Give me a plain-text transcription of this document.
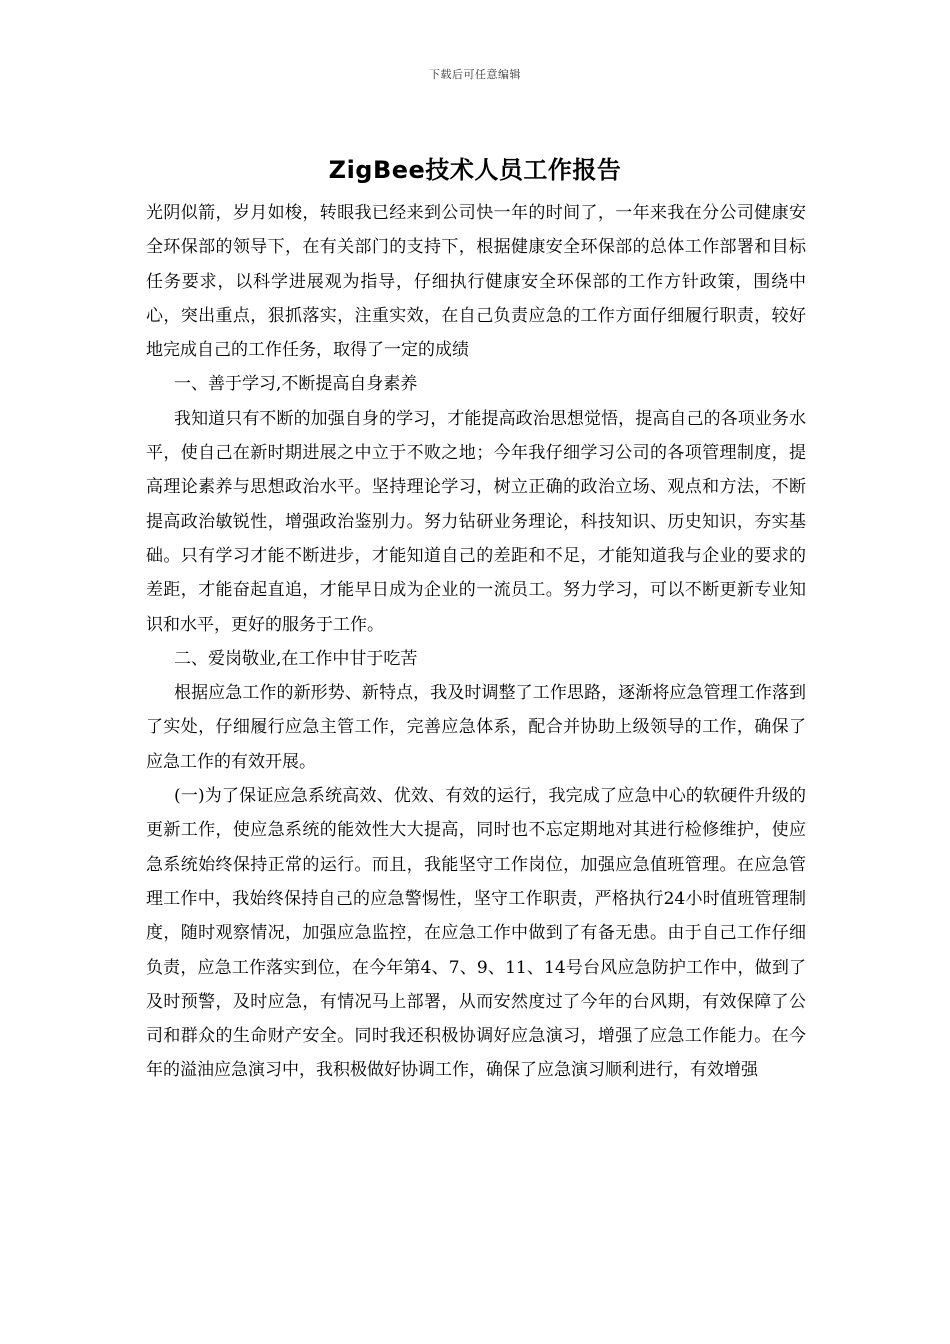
下载后可任意编辑
ZigBee技术人员工作报告

光阴似箭，岁月如梭，转眼我已经来到公司快一年的时间了，一年来我在分公司健康安全环保部的领导下，在有关部门的支持下，根据健康安全环保部的总体工作部署和目标任务要求，以科学进展观为指导，仔细执行健康安全环保部的工作方针政策，围绕中心，突出重点，狠抓落实，注重实效，在自己负责应急的工作方面仔细履行职责，较好地完成自己的工作任务，取得了一定的成绩

一、善于学习,不断提高自身素养

我知道只有不断的加强自身的学习，才能提高政治思想觉悟，提高自己的各项业务水平，使自己在新时期进展之中立于不败之地；今年我仔细学习公司的各项管理制度，提高理论素养与思想政治水平。坚持理论学习，树立正确的政治立场、观点和方法，不断提高政治敏锐性，增强政治鉴别力。努力钻研业务理论，科技知识、历史知识，夯实基础。只有学习才能不断进步，才能知道自己的差距和不足，才能知道我与企业的要求的差距，才能奋起直追，才能早日成为企业的一流员工。努力学习，可以不断更新专业知识和水平，更好的服务于工作。

二、爱岗敬业,在工作中甘于吃苦

根据应急工作的新形势、新特点，我及时调整了工作思路，逐渐将应急管理工作落到了实处，仔细履行应急主管工作，完善应急体系，配合并协助上级领导的工作，确保了应急工作的有效开展。

(一)为了保证应急系统高效、优效、有效的运行，我完成了应急中心的软硬件升级的更新工作，使应急系统的能效性大大提高，同时也不忘定期地对其进行检修维护，使应急系统始终保持正常的运行。而且，我能坚守工作岗位，加强应急值班管理。在应急管理工作中，我始终保持自己的应急警惕性，坚守工作职责，严格执行24小时值班管理制度，随时观察情况，加强应急监控，在应急工作中做到了有备无患。由于自己工作仔细负责，应急工作落实到位，在今年第4、7、9、11、14号台风应急防护工作中，做到了及时预警，及时应急，有情况马上部署，从而安然度过了今年的台风期，有效保障了公司和群众的生命财产安全。同时我还积极协调好应急演习，增强了应急工作能力。在今年的溢油应急演习中，我积极做好协调工作，确保了应急演习顺利进行，有效增强
